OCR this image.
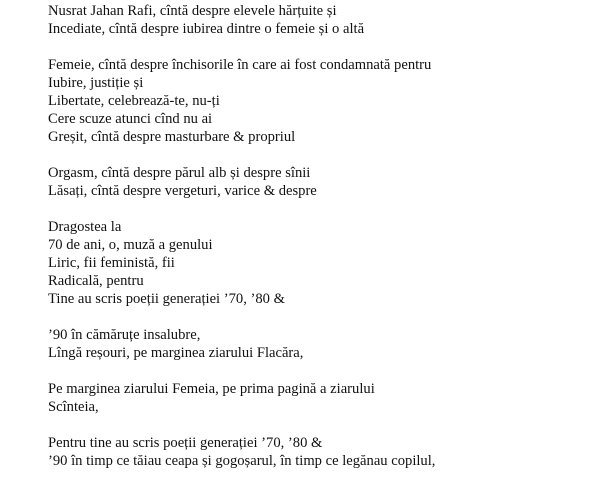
Nusrat Jahan Rafi, cîntă despre elevele hărțuite și
Incediate, cîntă despre iubirea dintre o femeie și o altă
Femeie, cîntă despre închisorile în care ai fost condamnată pentru
Iubire, justiție și
Libertate, celebrează-te, nu-ți
Cere scuze atunci cînd nu ai
Greșit, cîntă despre masturbare & propriul
Orgasm, cîntă despre părul alb și despre sînii
Lăsați, cîntă despre vergeturi, varice & despre
Dragostea la
70 de ani, o, muză a genului
Liric, fii feministă, fii
Radicală, pentru
Tine au scris poeții generației ’70, ’80 &
’90 în cămăruțe insalubre,
Lîngă reșouri, pe marginea ziarului Flacăra,
Pe marginea ziarului Femeia, pe prima pagină a ziarului
Scînteia,
Pentru tine au scris poeții generației ’70, ’80 &
’90 în timp ce tăiau ceapa și gogoșarul, în timp ce legănau copilul,
